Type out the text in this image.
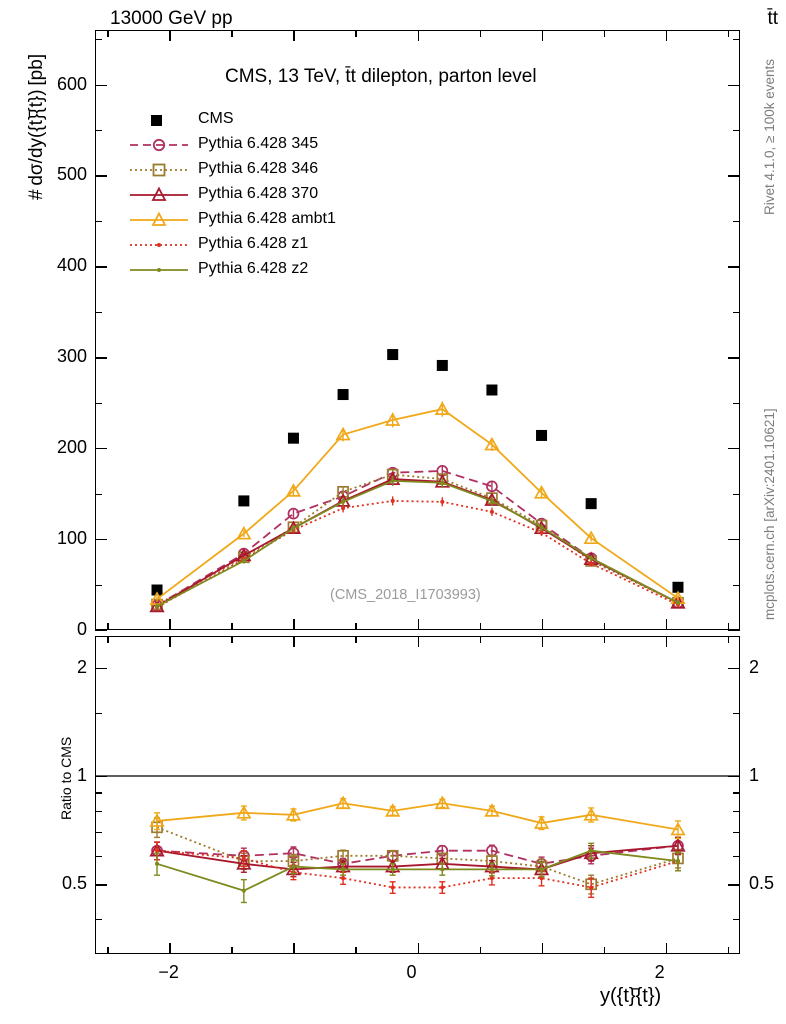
13000 GeV pp	t̄t
Rivet 4.1.0, ≥ 100k events
mcplots.cern.ch [arXiv:2401.10621]
# dσ/dy({t}̄{t}) [pb]
Ratio to CMS
CMS, 13 TeV, t̄t dilepton, parton level
y({t}̄{t})
(CMS_2018_I1703993)
CMS
Pythia 6.428 345
Pythia 6.428 346
Pythia 6.428 370
Pythia 6.428 ambt1
Pythia 6.428 z1
Pythia 6.428 z2
0
100
200
300
400
500
600
0.5	0.5
1	1
2	2
−2	0	2
